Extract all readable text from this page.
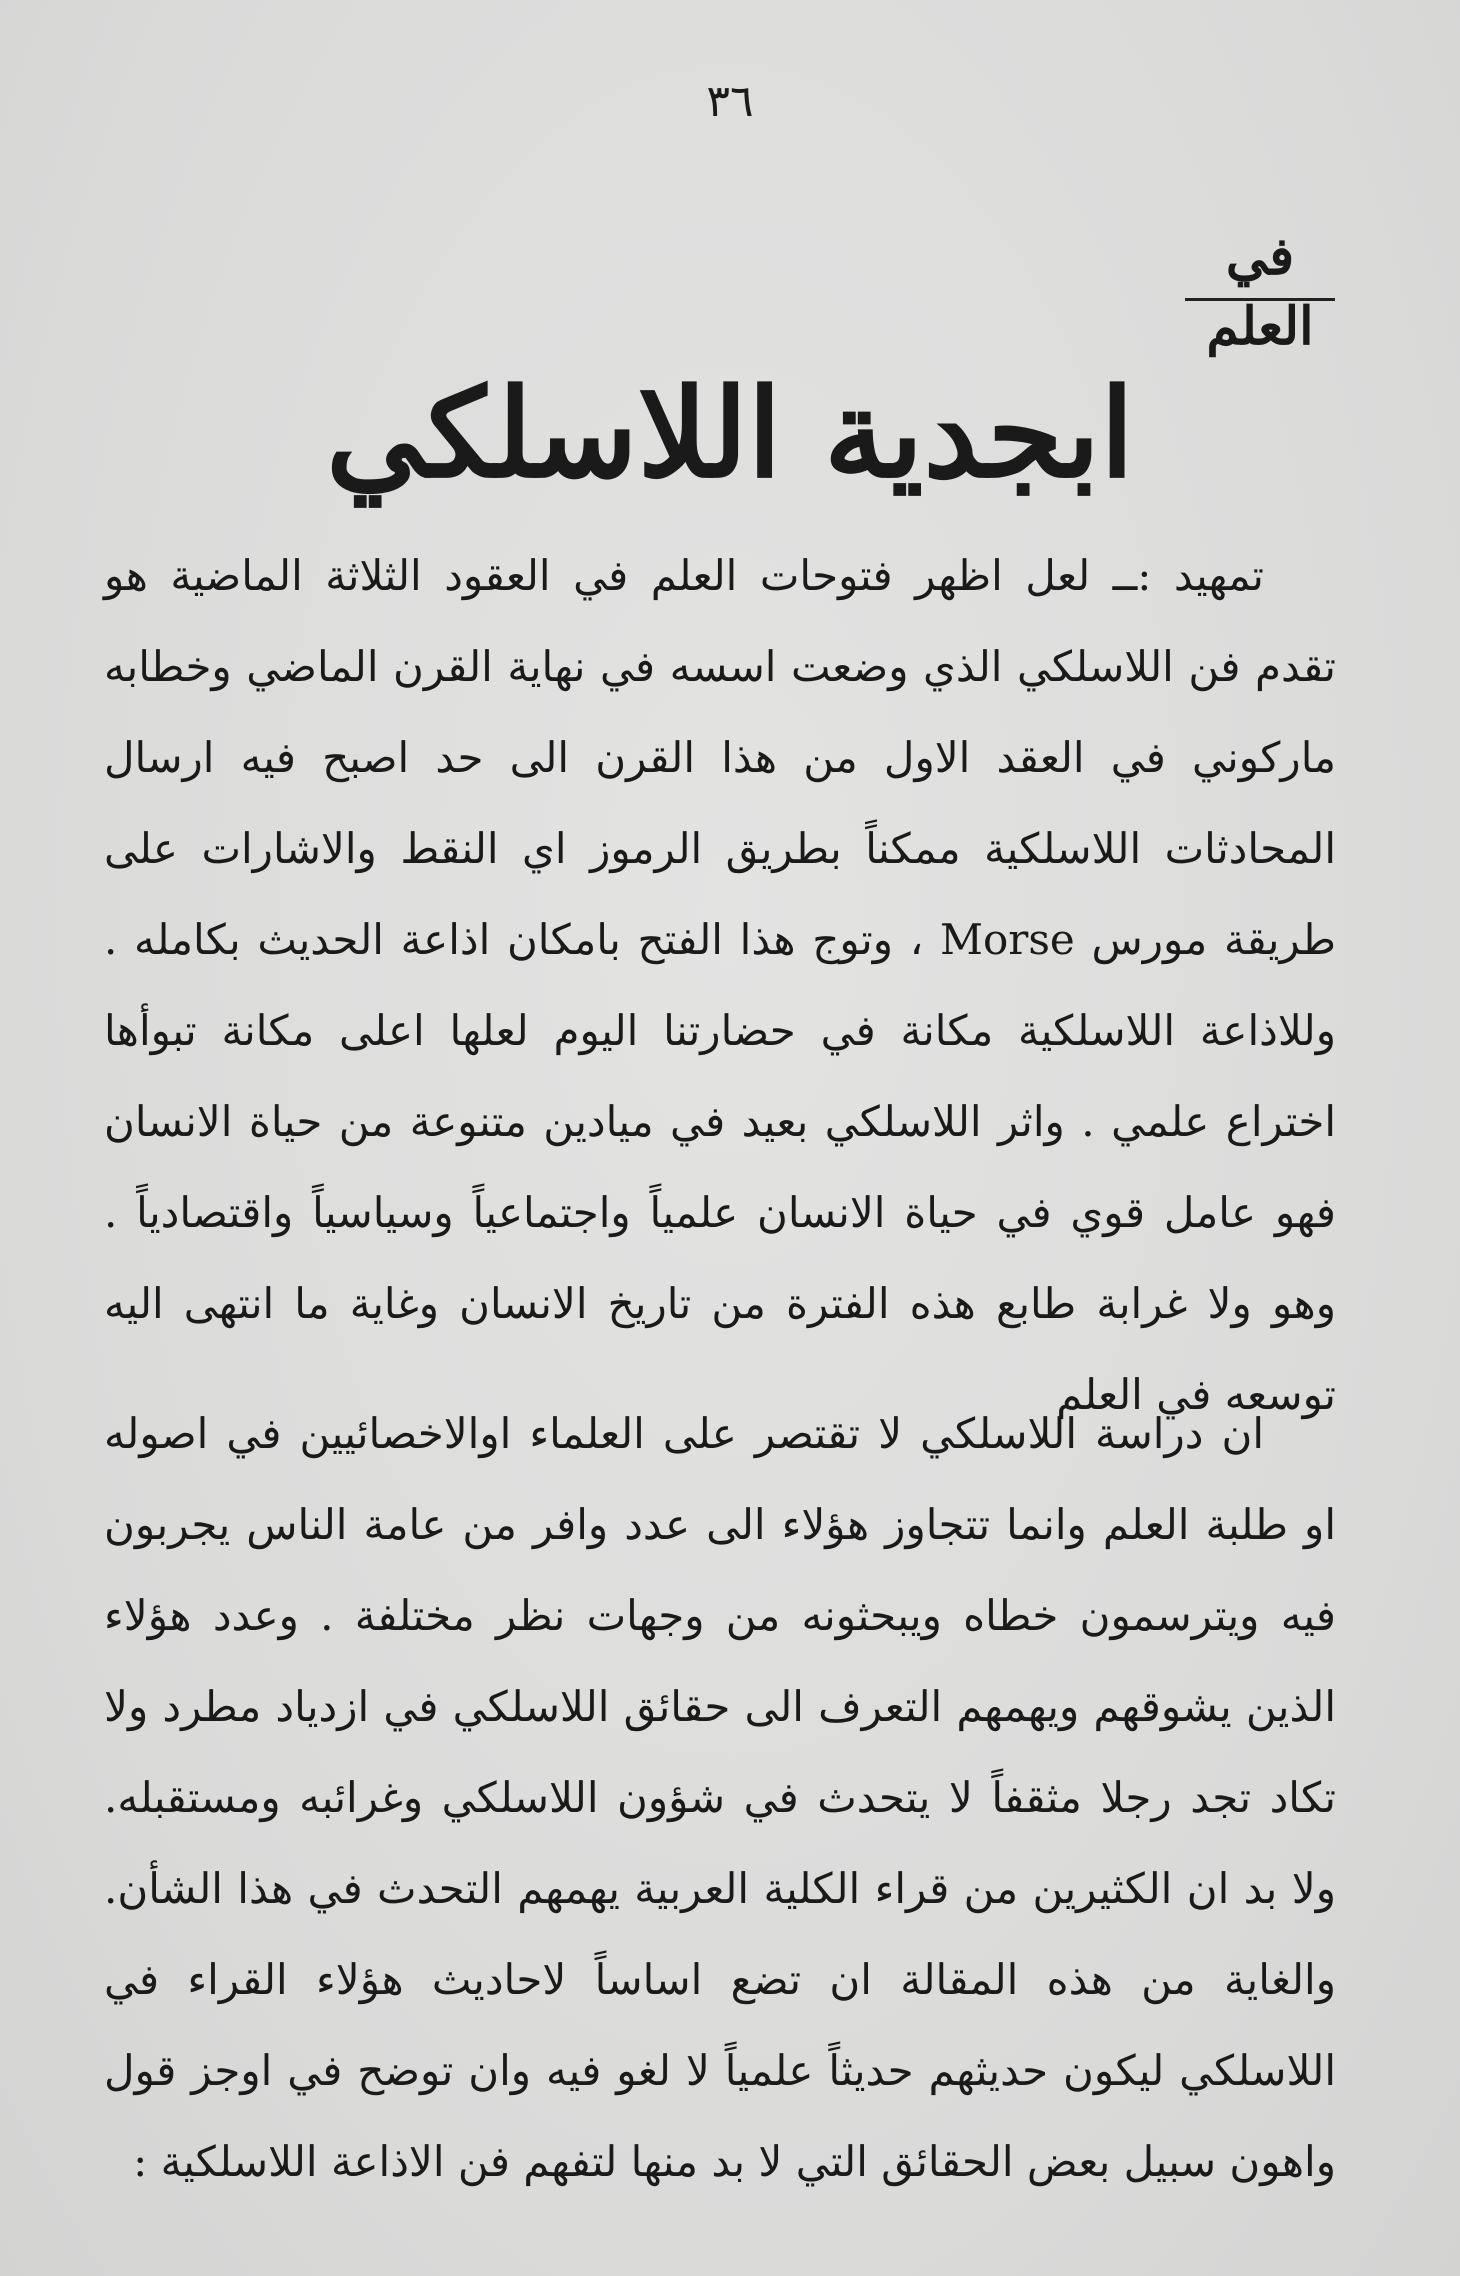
٣٦
في العلم
ابجدية اللاسلكي

تمهيد :ــ لعل اظهر فتوحات العلم في العقود الثلاثة الماضية هو تقدم فن اللاسلكي الذي وضعت اسسه في نهاية القرن الماضي وخطابه ماركوني في العقد الاول من هذا القرن الى حد اصبح فيه ارسال المحادثات اللاسلكية ممكناً بطريق الرموز اي النقط والاشارات على طريقة مورس Morse ، وتوج هذا الفتح بامكان اذاعة الحديث بكامله . وللاذاعة اللاسلكية مكانة في حضارتنا اليوم لعلها اعلى مكانة تبوأها اختراع علمي . واثر اللاسلكي بعيد في ميادين متنوعة من حياة الانسان فهو عامل قوي في حياة الانسان علمياً واجتماعياً وسياسياً واقتصادياً . وهو ولا غرابة طابع هذه الفترة من تاريخ الانسان وغاية ما انتهى اليه توسعه في العلم

ان دراسة اللاسلكي لا تقتصر على العلماء اوالاخصائيين في اصوله او طلبة العلم وانما تتجاوز هؤلاء الى عدد وافر من عامة الناس يجربون فيه ويترسمون خطاه ويبحثونه من وجهات نظر مختلفة . وعدد هؤلاء الذين يشوقهم ويهمهم التعرف الى حقائق اللاسلكي في ازدياد مطرد ولا تكاد تجد رجلا مثقفاً لا يتحدث في شؤون اللاسلكي وغرائبه ومستقبله. ولا بد ان الكثيرين من قراء الكلية العربية يهمهم التحدث في هذا الشأن. والغاية من هذه المقالة ان تضع اساساً لاحاديث هؤلاء القراء في اللاسلكي ليكون حديثهم حديثاً علمياً لا لغو فيه وان توضح في اوجز قول واهون سبيل بعض الحقائق التي لا بد منها لتفهم فن الاذاعة اللاسلكية :
